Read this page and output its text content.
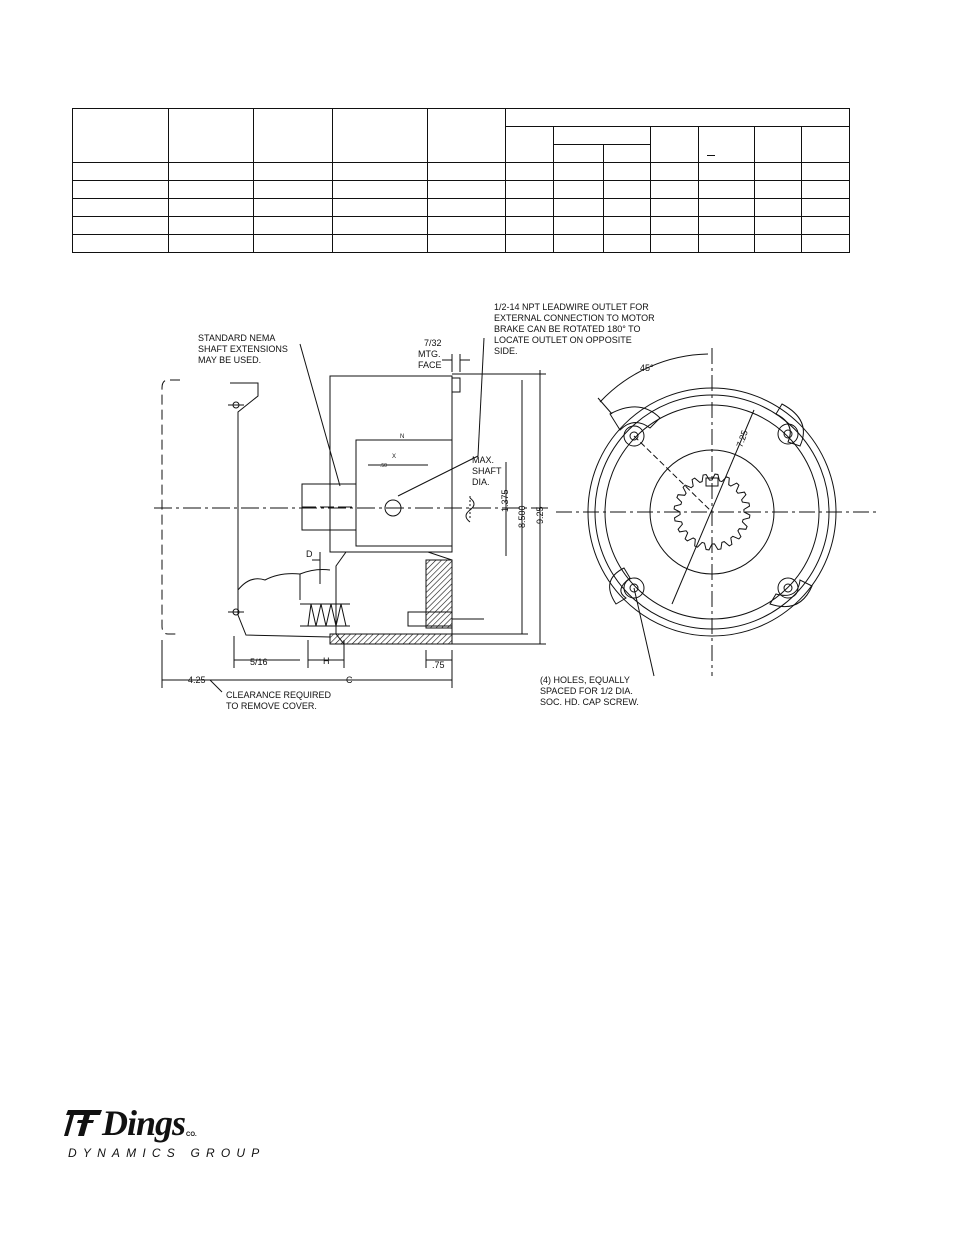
1/2-14 NPT LEADWIRE OUTLET FOR
EXTERNAL CONNECTION TO MOTOR
BRAKE CAN BE ROTATED 180° TO
LOCATE OUTLET ON OPPOSITE
SIDE.
STANDARD NEMA
SHAFT EXTENSIONS
MAY BE USED.
7/32
MTG.
FACE
MAX.
SHAFT
DIA.
N
X
.50
1.375
8.500 9.25
D
5/16	H	.75
C
4.25
CLEARANCE REQUIRED
TO REMOVE COVER.
45°
7.25
(4) HOLES, EQUALLY
SPACED FOR 1/2 DIA.
SOC. HD. CAP SCREW.
Dings CO.
DYNAMICS GROUP
